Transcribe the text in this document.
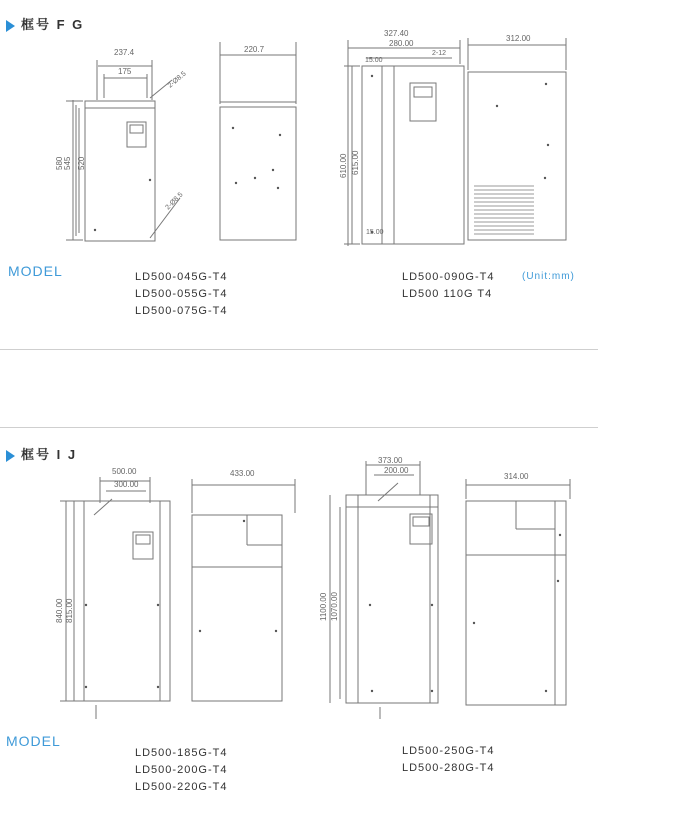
框号 F G
237.4
175	2-Ø8.5
580 545 520
2-Ø8.5
220.7
327.40
280.00
2-12
15.00
15.00
610.00 615.00
312.00
MODEL	LD500-045G-T4
LD500-055G-T4
LD500-075G-T4
LD500-090G-T4
LD500 110G T4
(Unit:mm)
框号 I J
500.00
300.00
840.00 815.00
433.00
373.00
200.00
1100.00 1070.00
314.00
MODEL
LD500-185G-T4
LD500-200G-T4
LD500-220G-T4
LD500-250G-T4
LD500-280G-T4
